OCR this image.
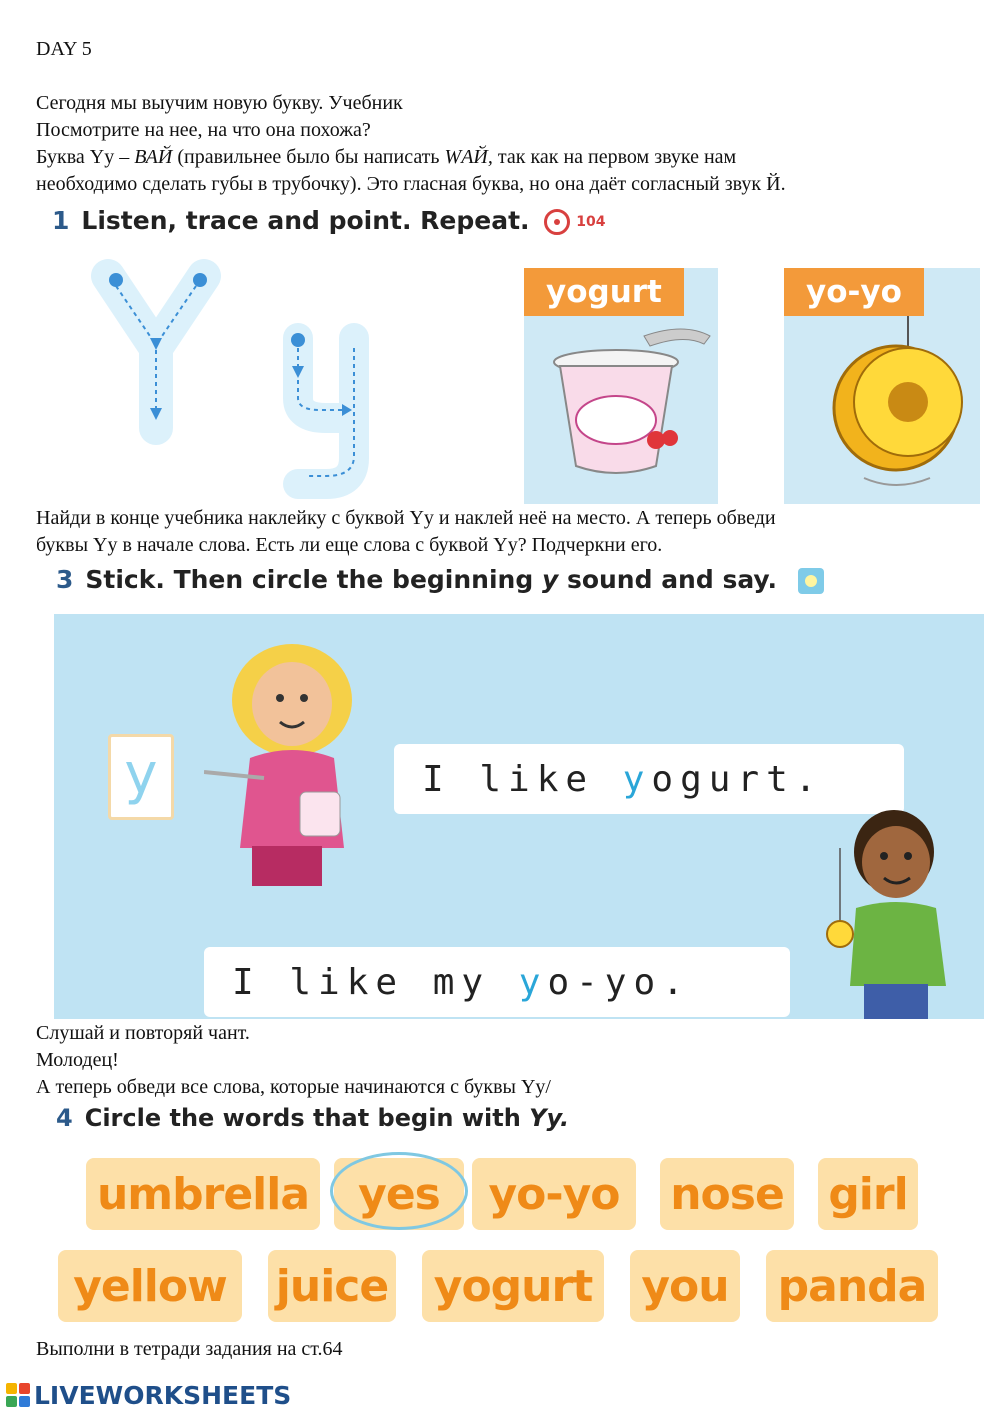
DAY 5
Сегодня мы выучим новую букву. Учебник
Посмотрите на нее, на что она похожа?
Буква Yy – ВАЙ (правильнее было бы написать WАЙ, так как на первом звуке нам
необходимо сделать губы в трубочку). Это гласная буква, но она даёт согласный звук Й.
1 Listen, trace and point. Repeat.	104
yogurt	yo-yo
Найди в конце учебника наклейку с буквой Yy и наклей неё на место. А теперь обведи
буквы Yy в начале слова. Есть ли еще слова с буквой Yy? Подчеркни его.
3 Stick. Then circle the beginning y sound and say.
y	I like y ogurt.
I like my y o-yo.
Слушай и повторяй чант.
Молодец!
А теперь обведи все слова, которые начинаются с буквы Yy/
4 Circle the words that begin with Yy.
umbrella	yes	yo-yo	nose girl
yellow	juice yogurt you panda
Выполни в тетради задания на ст.64
LIVEWORKSHEETS
